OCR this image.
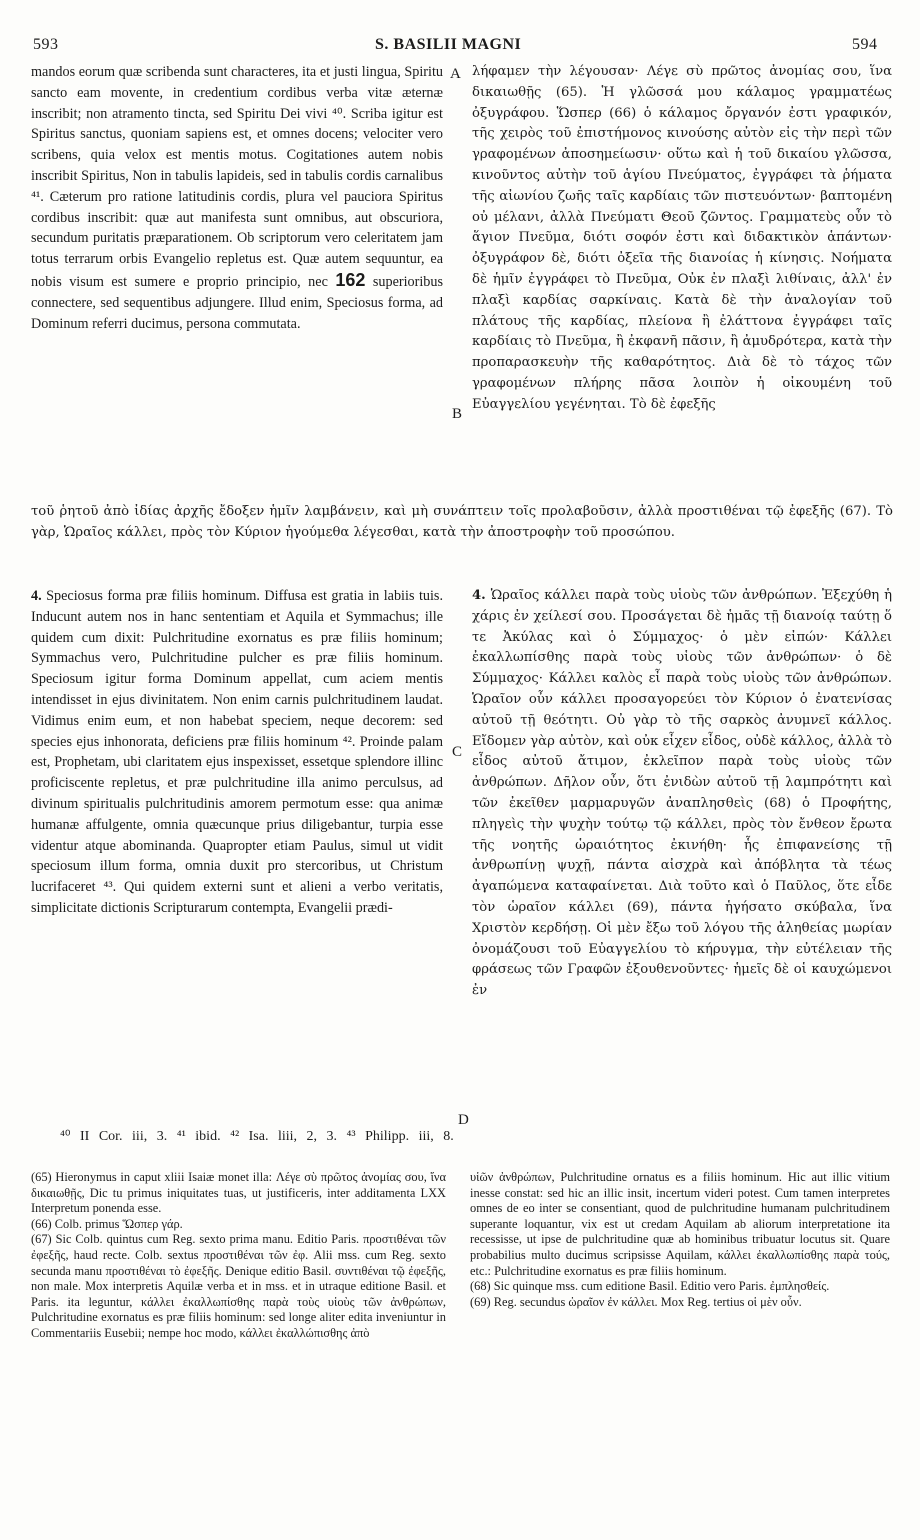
593	S. BASILII MAGNI	594
A
B
C
D

mandos eorum quæ scribenda sunt characteres, ita et justi lingua, Spiritu sancto eam movente, in credentium cordibus verba vitæ æternæ inscribit; non atramento tincta, sed Spiritu Dei vivi ⁴⁰. Scriba igitur est Spiritus sanctus, quoniam sapiens est, et omnes docens; velociter vero scribens, quia velox est mentis motus. Cogitationes autem nobis inscribit Spiritus, Non in tabulis lapideis, sed in tabulis cordis carnalibus ⁴¹. Cæterum pro ratione latitudinis cordis, plura vel pauciora Spiritus cordibus inscribit: quæ aut manifesta sunt omnibus, aut obscuriora, secundum puritatis præparationem. Ob scriptorum vero celeritatem jam totus terrarum orbis Evangelio repletus est. Quæ autem sequuntur, ea nobis visum est sumere e proprio principio, nec 162 superioribus connectere, sed sequentibus adjungere. Illud enim, Speciosus forma, ad Dominum referri ducimus, persona commutata.

λήφαμεν τὴν λέγουσαν· Λέγε σὺ πρῶτος ἀνομίας σου, ἵνα δικαιωθῇς (65). Ἡ γλῶσσά μου κάλαμος γραμματέως ὀξυγράφου. Ὥσπερ (66) ὁ κάλαμος ὄργανόν ἐστι γραφικόν, τῆς χειρὸς τοῦ ἐπιστήμονος κινούσης αὐτὸν εἰς τὴν περὶ τῶν γραφομένων ἀποσημείωσιν· οὕτω καὶ ἡ τοῦ δικαίου γλῶσσα, κινοῦντος αὐτὴν τοῦ ἁγίου Πνεύματος, ἐγγράφει τὰ ῥήματα τῆς αἰωνίου ζωῆς ταῖς καρδίαις τῶν πιστευόντων· βαπτομένη οὐ μέλανι, ἀλλὰ Πνεύματι Θεοῦ ζῶντος. Γραμματεὺς οὖν τὸ ἅγιον Πνεῦμα, διότι σοφόν ἐστι καὶ διδακτικὸν ἁπάντων· ὀξυγράφον δὲ, διότι ὀξεῖα τῆς διανοίας ἡ κίνησις. Νοήματα δὲ ἡμῖν ἐγγράφει τὸ Πνεῦμα, Οὐκ ἐν πλαξὶ λιθίναις, ἀλλ' ἐν πλαξὶ καρδίας σαρκίναις. Κατὰ δὲ τὴν ἀναλογίαν τοῦ πλάτους τῆς καρδίας, πλείονα ἢ ἐλάττονα ἐγγράφει ταῖς καρδίαις τὸ Πνεῦμα, ἢ ἐκφανῆ πᾶσιν, ἢ ἀμυδρότερα, κατὰ τὴν προπαρασκευὴν τῆς καθαρότητος. Διὰ δὲ τὸ τάχος τῶν γραφομένων πλήρης πᾶσα λοιπὸν ἡ οἰκουμένη τοῦ Εὐαγγελίου γεγένηται. Τὸ δὲ ἐφεξῆς

τοῦ ῥητοῦ ἀπὸ ἰδίας ἀρχῆς ἔδοξεν ἡμῖν λαμβάνειν, καὶ μὴ συνάπτειν τοῖς προλαβοῦσιν, ἀλλὰ προστιθέναι τῷ ἐφεξῆς (67). Τὸ γὰρ, Ὡραῖος κάλλει, πρὸς τὸν Κύριον ἡγούμεθα λέγεσθαι, κατὰ τὴν ἀποστροφὴν τοῦ προσώπου.

4. Speciosus forma præ filiis hominum. Diffusa est gratia in labiis tuis. Inducunt autem nos in hanc sententiam et Aquila et Symmachus; ille quidem cum dixit: Pulchritudine exornatus es præ filiis hominum; Symmachus vero, Pulchritudine pulcher es præ filiis hominum. Speciosum igitur forma Dominum appellat, cum aciem mentis intendisset in ejus divinitatem. Non enim carnis pulchritudinem laudat. Vidimus enim eum, et non habebat speciem, neque decorem: sed species ejus inhonorata, deficiens præ filiis hominum ⁴². Proinde palam est, Prophetam, ubi claritatem ejus inspexisset, essetque splendore illinc proficiscente repletus, et præ pulchritudine illa animo perculsus, ad divinum spiritualis pulchritudinis amorem permotum esse: qua animæ humanæ affulgente, omnia quæcunque prius diligebantur, turpia esse videntur atque abominanda. Quapropter etiam Paulus, simul ut vidit speciosum illum forma, omnia duxit pro stercoribus, ut Christum lucrifaceret ⁴³. Qui quidem externi sunt et alieni a verbo veritatis, simplicitate dictionis Scripturarum contempta, Evangelii prædi-

4. Ὡραῖος κάλλει παρὰ τοὺς υἱοὺς τῶν ἀνθρώπων. Ἐξεχύθη ἡ χάρις ἐν χείλεσί σου. Προσάγεται δὲ ἡμᾶς τῇ διανοίᾳ ταύτῃ ὅ τε Ἀκύλας καὶ ὁ Σύμμαχος· ὁ μὲν εἰπών· Κάλλει ἐκαλλωπίσθης παρὰ τοὺς υἱοὺς τῶν ἀνθρώπων· ὁ δὲ Σύμμαχος· Κάλλει καλὸς εἶ παρὰ τοὺς υἱοὺς τῶν ἀνθρώπων. Ὡραῖον οὖν κάλλει προσαγορεύει τὸν Κύριον ὁ ἐνατενίσας αὐτοῦ τῇ θεότητι. Οὐ γὰρ τὸ τῆς σαρκὸς ἀνυμνεῖ κάλλος. Εἴδομεν γὰρ αὐτὸν, καὶ οὐκ εἶχεν εἶδος, οὐδὲ κάλλος, ἀλλὰ τὸ εἶδος αὐτοῦ ἄτιμον, ἐκλεῖπον παρὰ τοὺς υἱοὺς τῶν ἀνθρώπων. Δῆλον οὖν, ὅτι ἐνιδὼν αὐτοῦ τῇ λαμπρότητι καὶ τῶν ἐκεῖθεν μαρμαρυγῶν ἀναπλησθεὶς (68) ὁ Προφήτης, πληγεὶς τὴν ψυχὴν τούτῳ τῷ κάλλει, πρὸς τὸν ἔνθεον ἔρωτα τῆς νοητῆς ὡραιότητος ἐκινήθη· ἧς ἐπιφανείσης τῇ ἀνθρωπίνῃ ψυχῇ, πάντα αἰσχρὰ καὶ ἀπόβλητα τὰ τέως ἀγαπώμενα καταφαίνεται. Διὰ τοῦτο καὶ ὁ Παῦλος, ὅτε εἶδε τὸν ὡραῖον κάλλει (69), πάντα ἡγήσατο σκύβαλα, ἵνα Χριστὸν κερδήσῃ. Οἱ μὲν ἔξω τοῦ λόγου τῆς ἀληθείας μωρίαν ὀνομάζουσι τοῦ Εὐαγγελίου τὸ κήρυγμα, τὴν εὐτέλειαν τῆς φράσεως τῶν Γραφῶν ἐξουθενοῦντες· ἡμεῖς δὲ οἱ καυχώμενοι ἐν

⁴⁰ II Cor. iii, 3. ⁴¹ ibid. ⁴² Isa. liii, 2, 3. ⁴³ Philipp. iii, 8.

(65) Hieronymus in caput xliii Isaiæ monet illa: Λέγε σὺ πρῶτος ἀνομίας σου, ἵνα δικαιωθῇς, Dic tu primus iniquitates tuas, ut justificeris, inter additamenta LXX Interpretum ponenda esse.

(66) Colb. primus Ὥσπερ γάρ.

(67) Sic Colb. quintus cum Reg. sexto prima manu. Editio Paris. προστιθέναι τῶν ἐφεξῆς, haud recte. Colb. sextus προστιθέναι τῶν ἐφ. Alii mss. cum Reg. sexto secunda manu προστιθέναι τὸ ἐφεξῆς. Denique editio Basil. συντιθέναι τῷ ἐφεξῆς, non male. Mox interpretis Aquilæ verba et in mss. et in utraque editione Basil. et Paris. ita leguntur, κάλλει ἐκαλλωπίσθης παρὰ τοὺς υἱοὺς τῶν ἀνθρώπων, Pulchritudine exornatus es præ filiis hominum: sed longe aliter edita inveniuntur in Commentariis Eusebii; nempe hoc modo, κάλλει ἐκαλλώπισθης ἀπὸ

υἱῶν ἀνθρώπων, Pulchritudine ornatus es a filiis hominum. Hic aut illic vitium inesse constat: sed hic an illic insit, incertum videri potest. Cum tamen interpretes omnes de eo inter se consentiant, quod de pulchritudine humanam pulchritudinem superante loquantur, vix est ut credam Aquilam ab aliorum interpretatione ita recessisse, ut ipse de pulchritudine quæ ab hominibus tribuatur locutus sit. Quare probabilius multo ducimus scripsisse Aquilam, κάλλει ἐκαλλωπίσθης παρὰ τούς, etc.: Pulchritudine exornatus es præ filiis hominum.

(68) Sic quinque mss. cum editione Basil. Editio vero Paris. ἐμπλησθείς.

(69) Reg. secundus ὡραῖον ἐν κάλλει. Mox Reg. tertius οἱ μὲν οὖν.
